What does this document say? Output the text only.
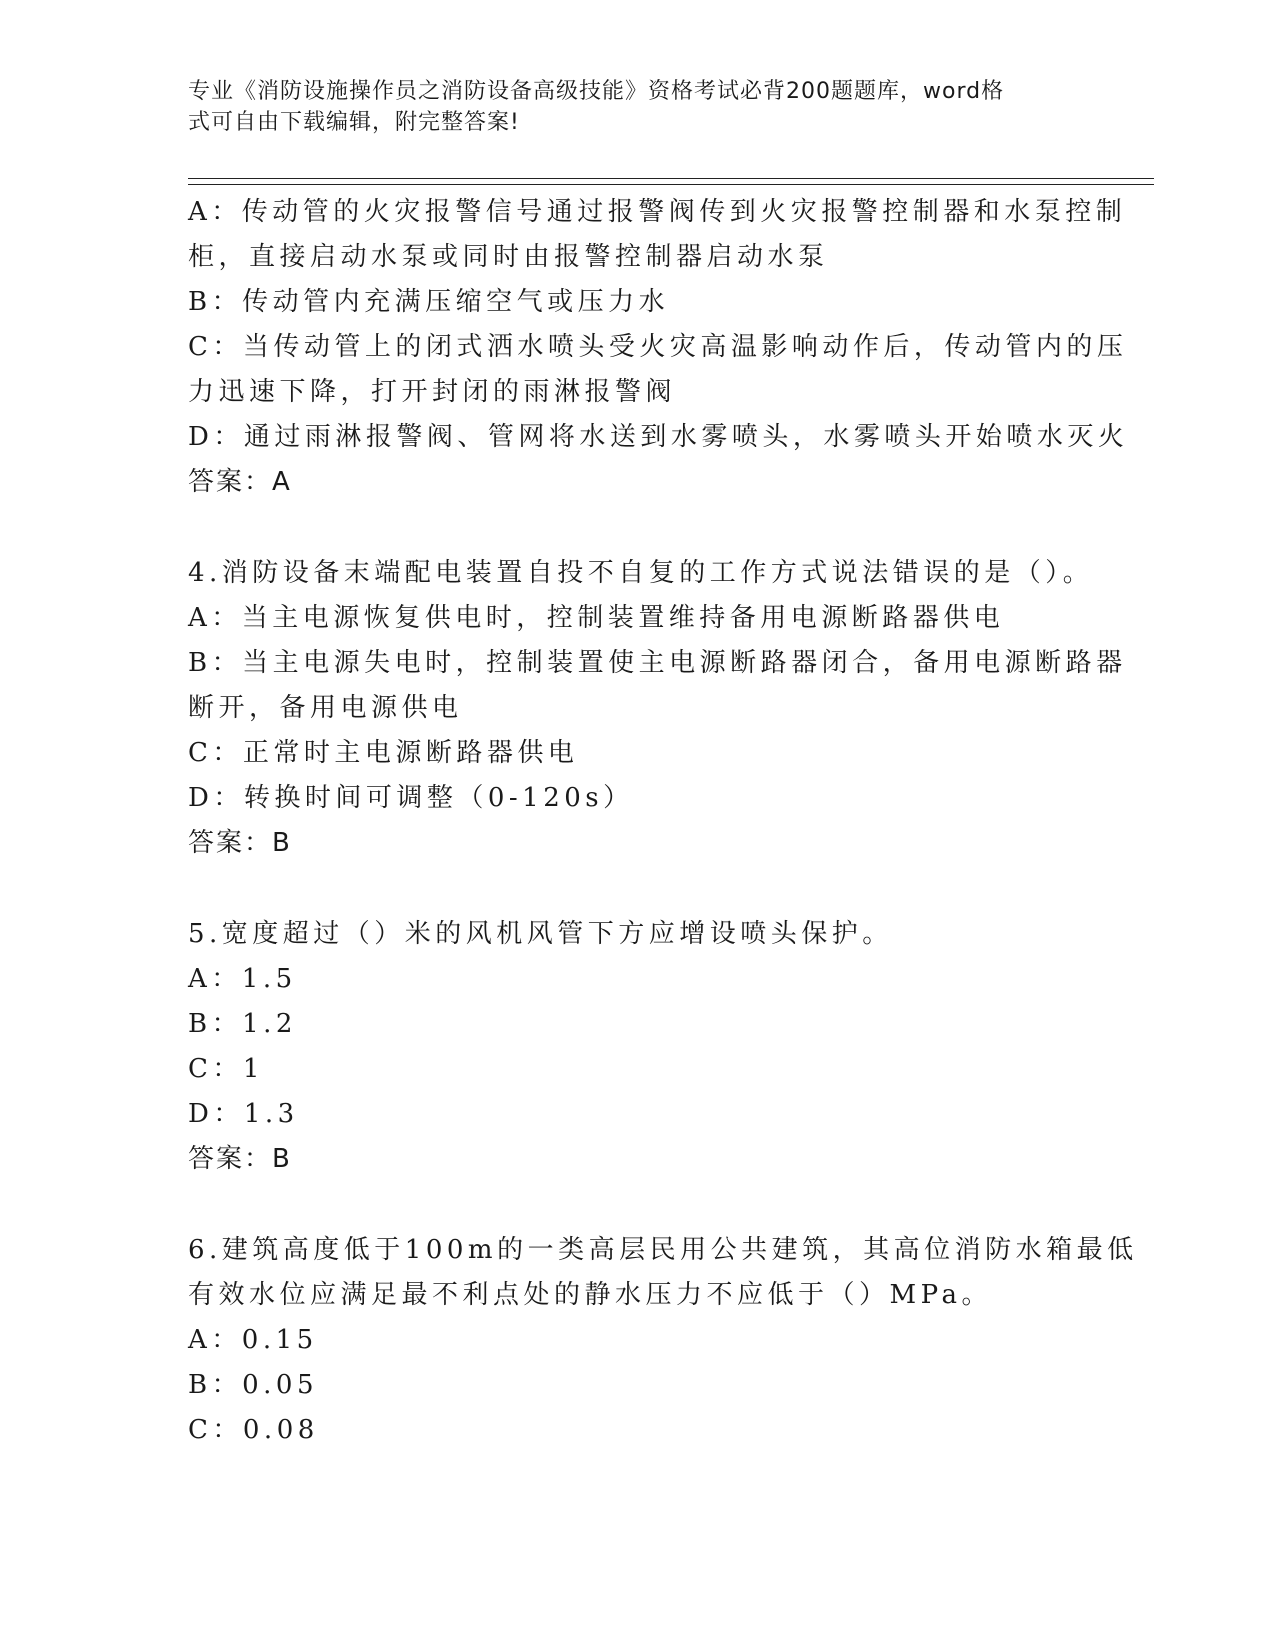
专业《消防设施操作员之消防设备高级技能》资格考试必背200题题库，word格
式可自由下载编辑，附完整答案!
A：传动管的火灾报警信号通过报警阀传到火灾报警控制器和水泵控制
柜，直接启动水泵或同时由报警控制器启动水泵
B：传动管内充满压缩空气或压力水
C：当传动管上的闭式洒水喷头受火灾高温影响动作后，传动管内的压
力迅速下降，打开封闭的雨淋报警阀
D：通过雨淋报警阀、管网将水送到水雾喷头，水雾喷头开始喷水灭火
答案：A
4.消防设备末端配电装置自投不自复的工作方式说法错误的是（）。
A：当主电源恢复供电时，控制装置维持备用电源断路器供电
B：当主电源失电时，控制装置使主电源断路器闭合，备用电源断路器
断开，备用电源供电
C：正常时主电源断路器供电
D：转换时间可调整（0-120s）
答案：B
5.宽度超过（）米的风机风管下方应增设喷头保护。
A：1.5
B：1.2
C：1
D：1.3
答案：B
6.建筑高度低于100m的一类高层民用公共建筑，其高位消防水箱最低
有效水位应满足最不利点处的静水压力不应低于（）MPa。
A：0.15
B：0.05
C：0.08
